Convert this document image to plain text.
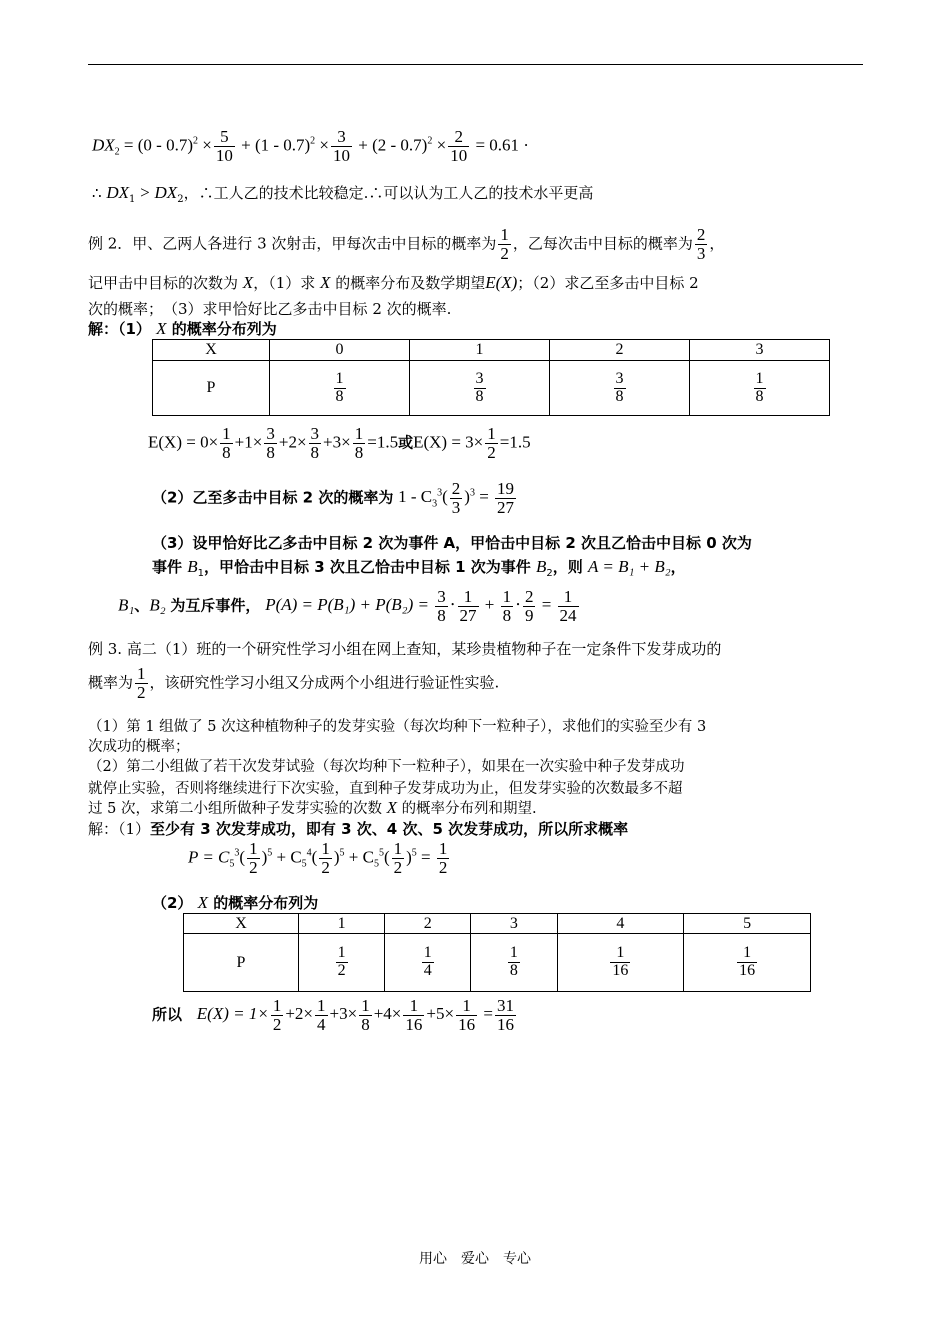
$DX_2 = (0 - 0.7)^2 \times \frac{5}{10} + (1 - 0.7)^2 \times \frac{3}{10} + (2 - 0.7)^2 \times \frac{2}{10} = 0.61$ ·
∴ $DX_1 > DX_2$，∴工人乙的技术比较稳定.∴可以认为工人乙的技术水平更高
例 2．甲、乙两人各进行 3 次射击，甲每次击中目标的概率为 $\frac{1}{2}$ ，乙每次击中目标的概率为 $\frac{2}{3}$ ，
记甲击中目标的次数为 X，（1）求 X 的概率分布及数学期望E(X)；（2）求乙至多击中目标 2
次的概率；　（3）求甲恰好比乙多击中目标 2 次的概率.
解：（1） X 的概率分布列为
X	0	1	2	3
P	$\frac{1}{8}$	$\frac{3}{8}$	$\frac{3}{8}$	$\frac{1}{8}$
$E(X) = 0\times \frac{1}{8} +1\times \frac{3}{8} +2\times \frac{3}{8} +3\times \frac{1}{8} =1.5$或$E(X) = 3\times \frac{1}{2} =1.5$
（2）乙至多击中目标 2 次的概率为 $1 - C_3^3( \frac{2}{3} )^3 = \frac{19}{27}$
（3）设甲恰好比乙多击中目标 2 次为事件 A，甲恰击中目标 2 次且乙恰击中目标 0 次为
事件 $B_1$，甲恰击中目标 3 次且乙恰击中目标 1 次为事件 $B_2$，则 A = B₁ + B₂，
B₁、B₂ 为互斥事件， $P(A) = P(B_1) + P(B_2) = \frac{3}{8} \cdot \frac{1}{27} + \frac{1}{8} \cdot \frac{2}{9} = \frac{1}{24}$
例 3. 高二（1）班的一个研究性学习小组在网上查知，某珍贵植物种子在一定条件下发芽成功的
概率为 $\frac{1}{2}$ ，该研究性学习小组又分成两个小组进行验证性实验.
（1）第 1 组做了 5 次这种植物种子的发芽实验（每次均种下一粒种子），求他们的实验至少有 3
次成功的概率；
（2）第二小组做了若干次发芽试验（每次均种下一粒种子），如果在一次实验中种子发芽成功
就停止实验，否则将继续进行下次实验，直到种子发芽成功为止，但发芽实验的次数最多不超
过 5 次，求第二小组所做种子发芽实验的次数 X 的概率分布列和期望.
解：（1）至少有 3 次发芽成功，即有 3 次、4 次、5 次发芽成功，所以所求概率
$P = C_5^3( \frac{1}{2} )^5 + C_5^4( \frac{1}{2} )^5 + C_5^5( \frac{1}{2} )^5 = \frac{1}{2}$
（2） X 的概率分布列为
X	1	2	3	4	5
P	$\frac{1}{2}$	$\frac{1}{4}$	$\frac{1}{8}$	$\frac{1}{16}$	$\frac{1}{16}$
所以 $E(X) = 1\times \frac{1}{2} +2\times \frac{1}{4} +3\times \frac{1}{8} +4\times \frac{1}{16} +5\times \frac{1}{16} = \frac{31}{16}$
用心　爱心　专心
